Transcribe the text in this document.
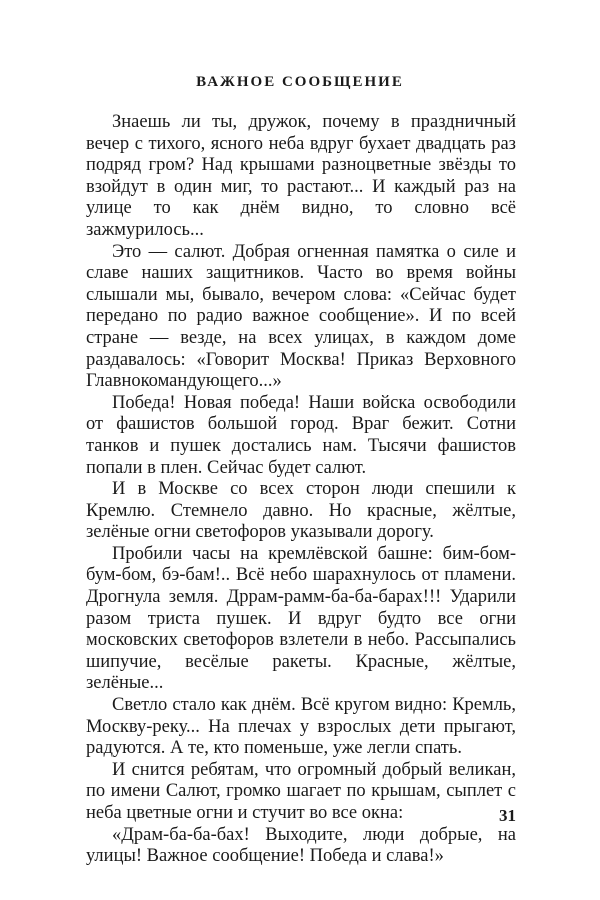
ВАЖНОЕ СООБЩЕНИЕ

Знаешь ли ты, дружок, почему в праздничный вечер с тихого, ясного неба вдруг бухает двадцать раз подряд гром? Над крышами разноцветные звёзды то взойдут в один миг, то растают... И каждый раз на улице то как днём видно, то словно всё зажмурилось...

Это — салют. Добрая огненная памятка о силе и славе наших защитников. Часто во время войны слышали мы, бывало, вечером слова: «Сейчас будет передано по радио важное сообщение». И по всей стране — везде, на всех улицах, в каждом доме раздавалось: «Говорит Москва! Приказ Верховного Главнокомандующего...»

Победа! Новая победа! Наши войска освободили от фашистов большой город. Враг бежит. Сотни танков и пушек достались нам. Тысячи фашистов попали в плен. Сейчас будет салют.

И в Москве со всех сторон люди спешили к Кремлю. Стемнело давно. Но красные, жёлтые, зелёные огни светофоров указывали дорогу.

Пробили часы на кремлёвской башне: бим-бом-бум-бом, бэ-бам!.. Всё небо шарахнулось от пламени. Дрогнула земля. Дррам-рамм-ба-ба-барах!!! Ударили разом триста пушек. И вдруг будто все огни московских светофоров взлетели в небо. Рассыпались шипучие, весёлые ракеты. Красные, жёлтые, зелёные...

Светло стало как днём. Всё кругом видно: Кремль, Москву-реку... На плечах у взрослых дети прыгают, радуются. А те, кто поменьше, уже легли спать.

И снится ребятам, что огромный добрый великан, по имени Салют, громко шагает по крышам, сыплет с неба цветные огни и стучит во все окна:

«Драм-ба-ба-бах! Выходите, люди добрые, на улицы! Важное сообщение! Победа и слава!»

31
